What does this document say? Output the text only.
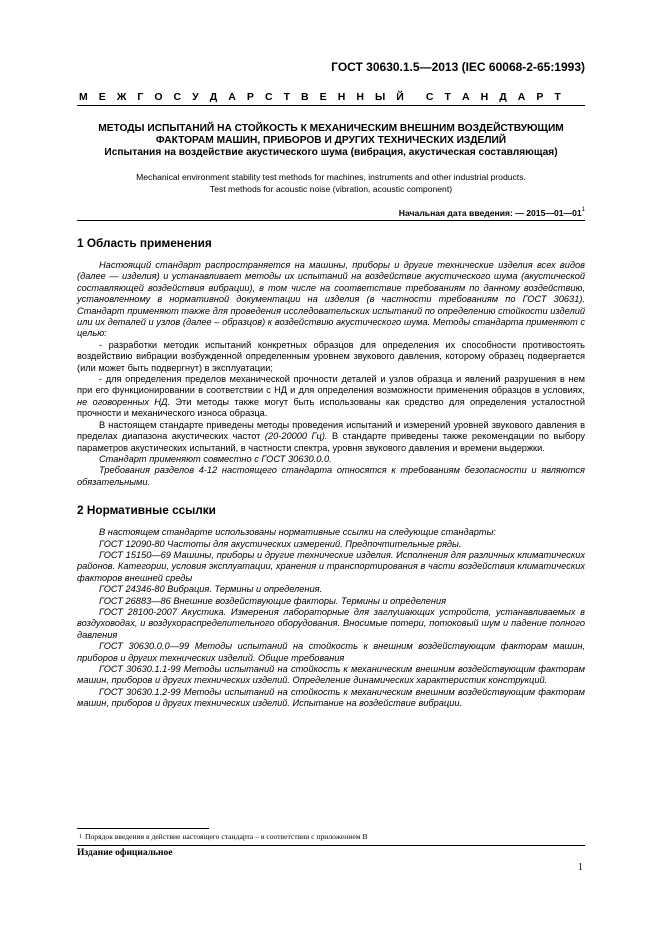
ГОСТ 30630.1.5—2013 (IEC 60068-2-65:1993)
М Е Ж Г О С У Д А Р С Т В Е Н Н Ы Й С Т А Н Д А Р Т

МЕТОДЫ ИСПЫТАНИЙ НА СТОЙКОСТЬ К МЕХАНИЧЕСКИМ ВНЕШНИМ ВОЗДЕЙСТВУЮЩИМ

ФАКТОРАМ МАШИН, ПРИБОРОВ И ДРУГИХ ТЕХНИЧЕСКИХ ИЗДЕЛИЙ

Испытания на воздействие акустического шума (вибрация, акустическая составляющая)

Mechanical environment stability test methods for machines, instruments and other industrial products.

Test methods for acoustic noise (vibration, acoustic component)

Начальная дата введения: — $2015—01—01^1$
1 Область применения

Настоящий стандарт распространяется на машины, приборы и другие технические изделия всех видов (далее — изделия) и устанавливает методы их испытаний на воздействие акустического шума (акустической составляющей воздействия вибрации), в том числе на соответствие требованиям по данному воздействию, установленному в нормативной документации на изделия (в частности требованиям по ГОСТ 30631). Стандарт применяют также для проведения исследовательских испытаний по определению стойкости изделий или их деталей и узлов (далее – образцов) к воздействию акустического шума. Методы стандарта применяют с целью:

- разработки методик испытаний конкретных образцов для определения их способности противостоять воздействию вибрации возбужденной определенным уровнем звукового давления, которому образец подвергается (или может быть подвергнут) в эксплуатации;

- для определения пределов механической прочности деталей и узлов образца и явлений разрушения в нем при его функционировании в соответствии с НД и для определения возможности применения образцов в условиях, не оговоренных НД. Эти методы также могут быть использованы как средство для определения усталостной прочности и механического износа образца.

В настоящем стандарте приведены методы проведения испытаний и измерений уровней звукового давления в пределах диапазона акустических частот (20-20000 Гц). В стандарте приведены также рекомендации по выбору параметров акустических испытаний, в частности спектра, уровня звукового давления и времени выдержки.

Стандарт применяют совместно с ГОСТ 30630.0.0.

Требования разделов 4-12 настоящего стандарта относятся к требованиям безопасности и являются обязательными.

2 Нормативные ссылки

В настоящем стандарте использованы нормативные ссылки на следующие стандарты:

ГОСТ 12090-80 Частоты для акустических измерений. Предпочтительные ряды.

ГОСТ 15150—69 Машины, приборы и другие технические изделия. Исполнения для различных климатических районов. Категории, условия эксплуатации, хранения и транспортирования в части воздействия климатических факторов внешней среды

ГОСТ 24346-80 Вибрация. Термины и определения.

ГОСТ 26883—86 Внешние воздействующие факторы. Термины и определения

ГОСТ 28100-2007 Акустика. Измерения лабораторные для заглушающих устройств, устанавливаемых в воздуховодах, и воздухораспределительного оборудования. Вносимые потери, потоковый шум и падение полного давления

ГОСТ 30630.0.0—99 Методы испытаний на стойкость к внешним воздействующим факторам машин, приборов и других технических изделий. Общие требования

ГОСТ 30630.1.1-99 Методы испытаний на стойкость к механическим внешним воздействующим факторам машин, приборов и других технических изделий. Определение динамических характеристик конструкций.

ГОСТ 30630.1.2-99 Методы испытаний на стойкость к механическим внешним воздействующим факторам машин, приборов и других технических изделий. Испытание на воздействие вибрации.

$^1$ Порядок введения в действие настоящего стандарта – в соответствии с приложением В
Издание официальное
1
